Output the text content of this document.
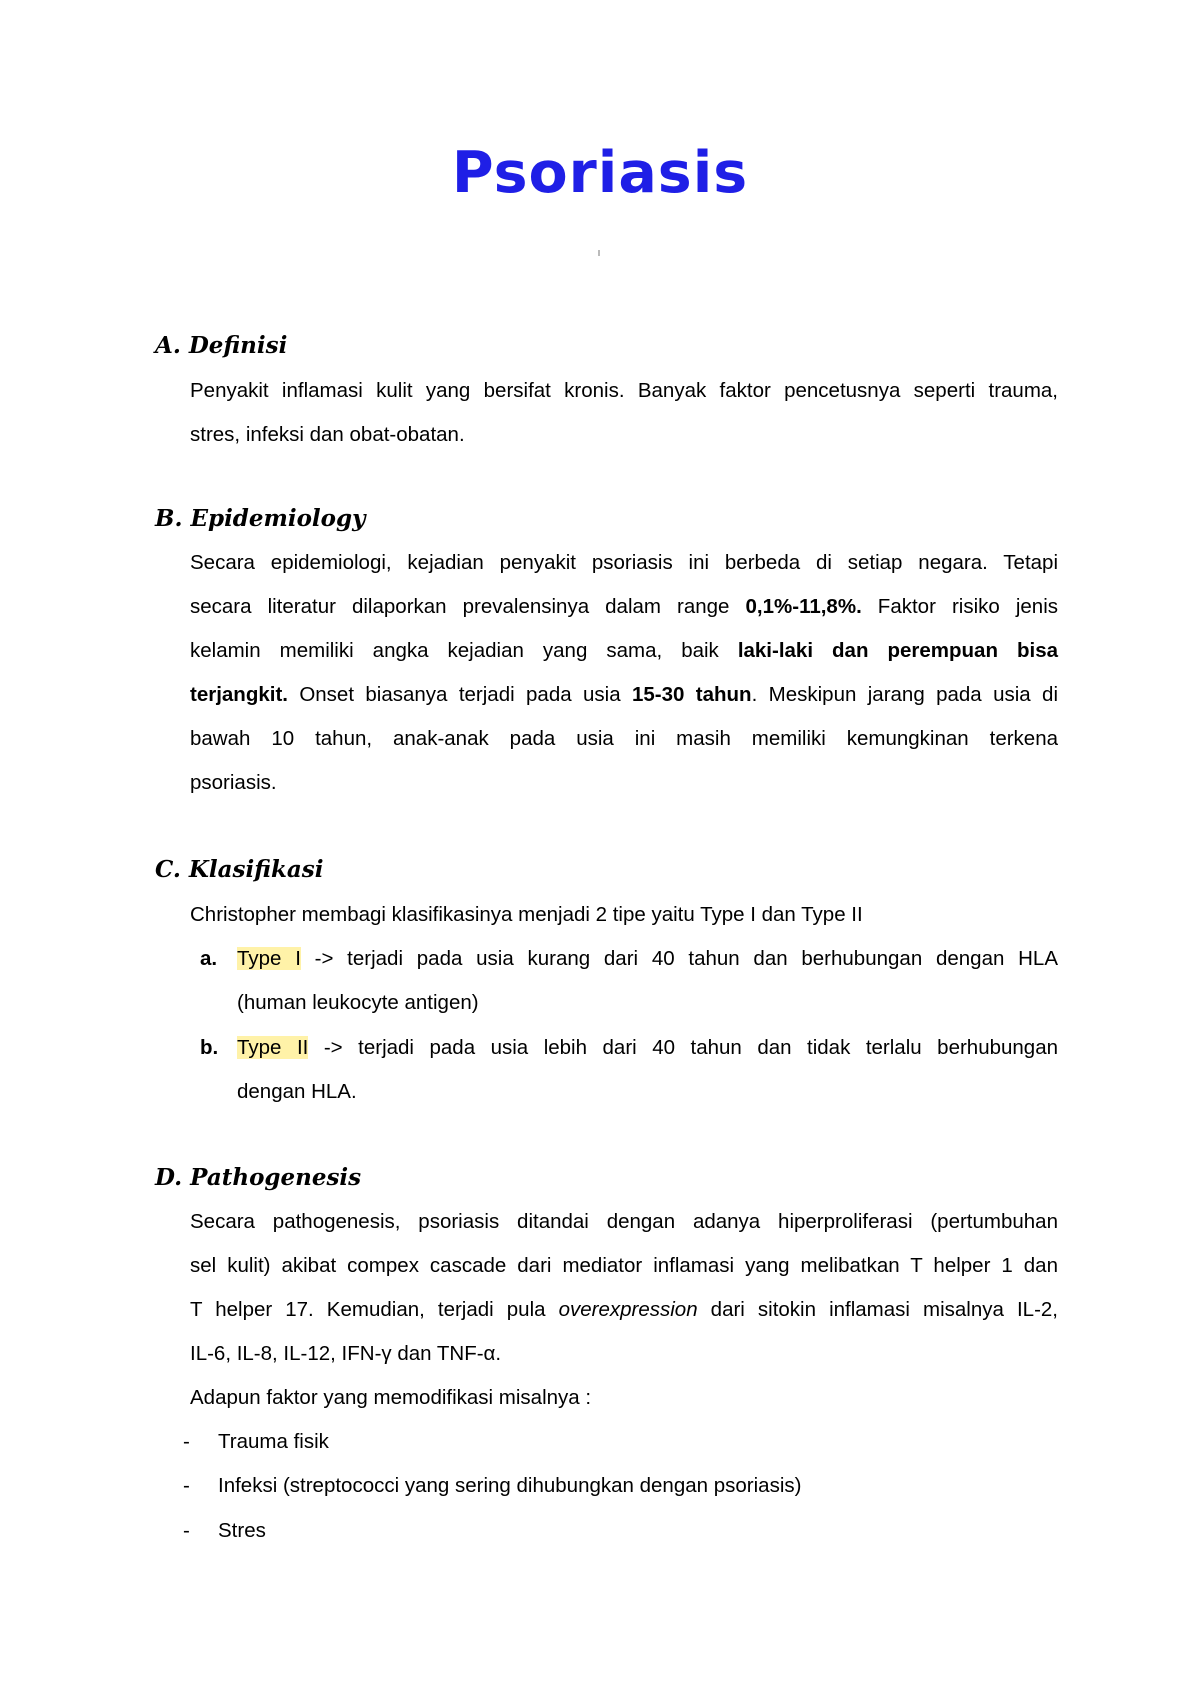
Psoriasis
A. Definisi
Penyakit inflamasi kulit yang bersifat kronis. Banyak faktor pencetusnya seperti trauma,
stres, infeksi dan obat-obatan.
B. Epidemiology
Secara epidemiologi, kejadian penyakit psoriasis ini berbeda di setiap negara. Tetapi
secara literatur dilaporkan prevalensinya dalam range 0,1%-11,8%. Faktor risiko jenis
kelamin memiliki angka kejadian yang sama, baik laki-laki dan perempuan bisa
terjangkit. Onset biasanya terjadi pada usia 15-30 tahun. Meskipun jarang pada usia di
bawah 10 tahun, anak-anak pada usia ini masih memiliki kemungkinan terkena
psoriasis.
C. Klasifikasi
Christopher membagi klasifikasinya menjadi 2 tipe yaitu Type I dan Type II
a. Type I -> terjadi pada usia kurang dari 40 tahun dan berhubungan dengan HLA
(human leukocyte antigen)
b. Type II -> terjadi pada usia lebih dari 40 tahun dan tidak terlalu berhubungan
dengan HLA.
D. Pathogenesis
Secara pathogenesis, psoriasis ditandai dengan adanya hiperproliferasi (pertumbuhan
sel kulit) akibat compex cascade dari mediator inflamasi yang melibatkan T helper 1 dan
T helper 17. Kemudian, terjadi pula overexpression dari sitokin inflamasi misalnya IL-2,
IL-6, IL-8, IL-12, IFN-γ dan TNF-α.
Adapun faktor yang memodifikasi misalnya :
- Trauma fisik
- Infeksi (streptococci yang sering dihubungkan dengan psoriasis)
- Stres
